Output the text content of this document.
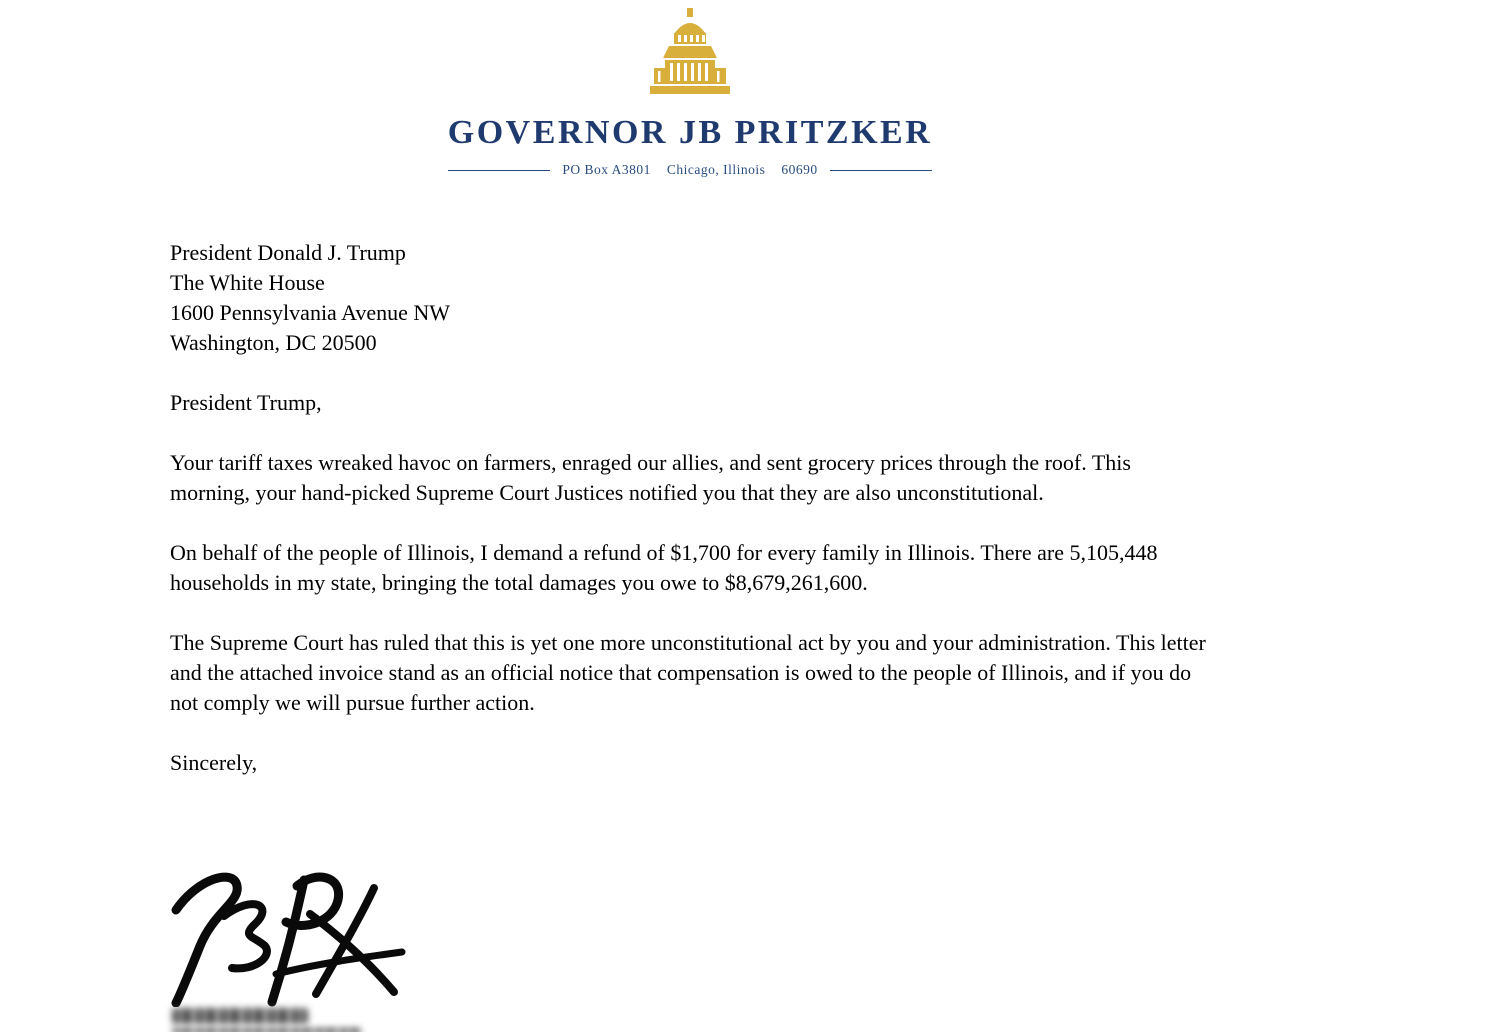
GOVERNOR JB PRITZKER
PO Box A3801 Chicago, Illinois 60690
President Donald J. Trump
The White House
1600 Pennsylvania Avenue NW
Washington, DC 20500
President Trump,

Your tariff taxes wreaked havoc on farmers, enraged our allies, and sent grocery prices through the roof. This morning, your hand-picked Supreme Court Justices notified you that they are also unconstitutional.

On behalf of the people of Illinois, I demand a refund of $1,700 for every family in Illinois. There are 5,105,448 households in my state, bringing the total damages you owe to $8,679,261,600.

The Supreme Court has ruled that this is yet one more unconstitutional act by you and your administration. This letter and the attached invoice stand as an official notice that compensation is owed to the people of Illinois, and if you do not comply we will pursue further action.

Sincerely,
